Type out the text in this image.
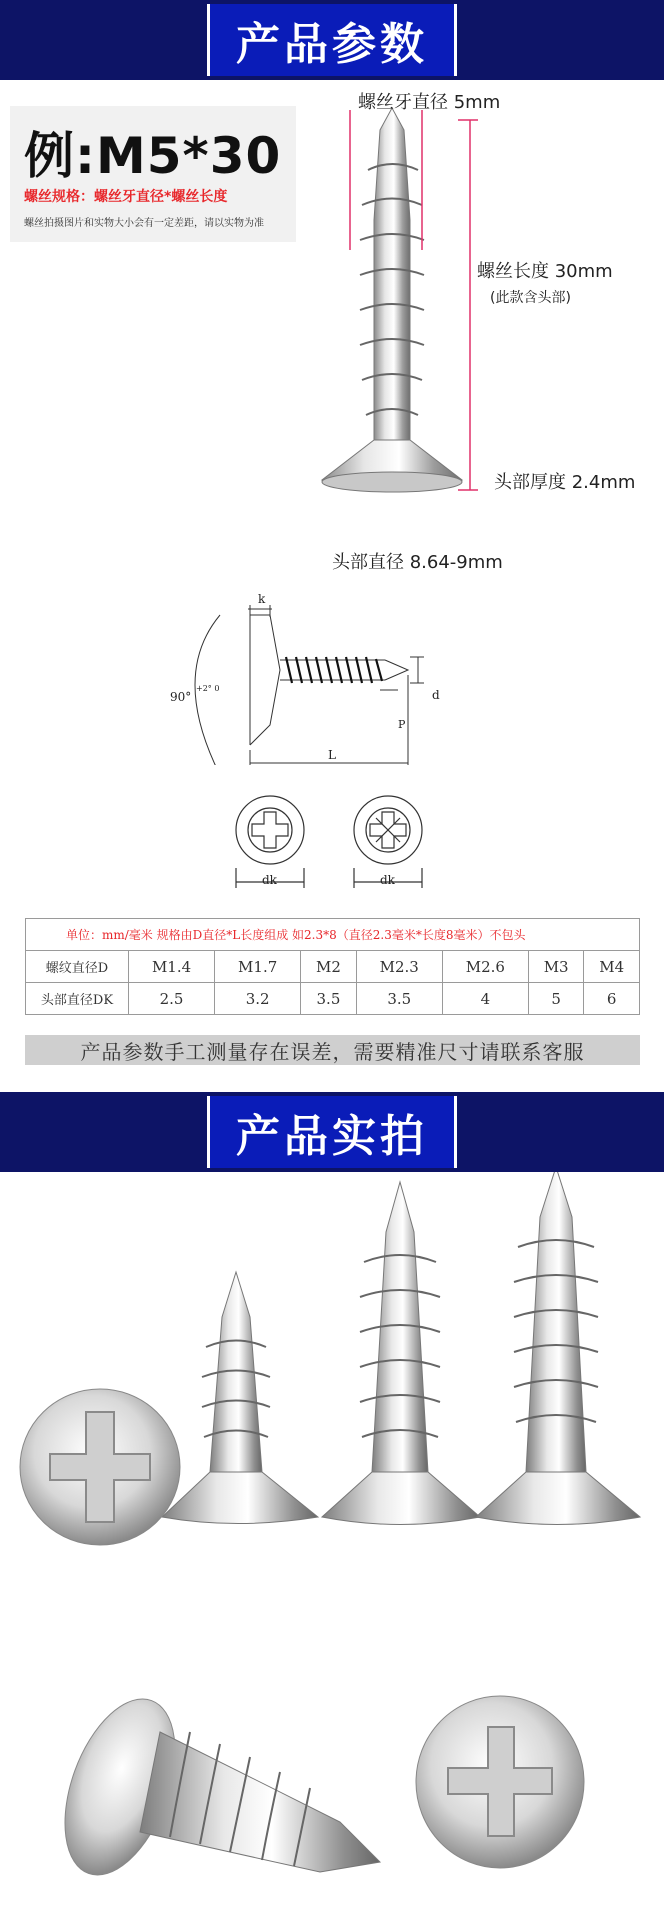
产品参数
例:M5*30
螺丝规格：螺丝牙直径*螺丝长度
螺丝拍摄图片和实物大小会有一定差距，请以实物为准
螺丝牙直径 5mm
螺丝长度 30mm
(此款含头部)
头部厚度 2.4mm
头部直径 8.64-9mm
90°
+2° 0
k
d
P
L
dk	dk
单位：mm/毫米 规格由D直径*L长度组成 如2.3*8（直径2.3毫米*长度8毫米）不包头							
螺纹直径D	M1.4	M1.7	M2	M2.3	M2.6	M3	M4
头部直径DK	2.5	3.2	3.5	3.5	4	5	6
产品参数手工测量存在误差，需要精准尺寸请联系客服
产品实拍
